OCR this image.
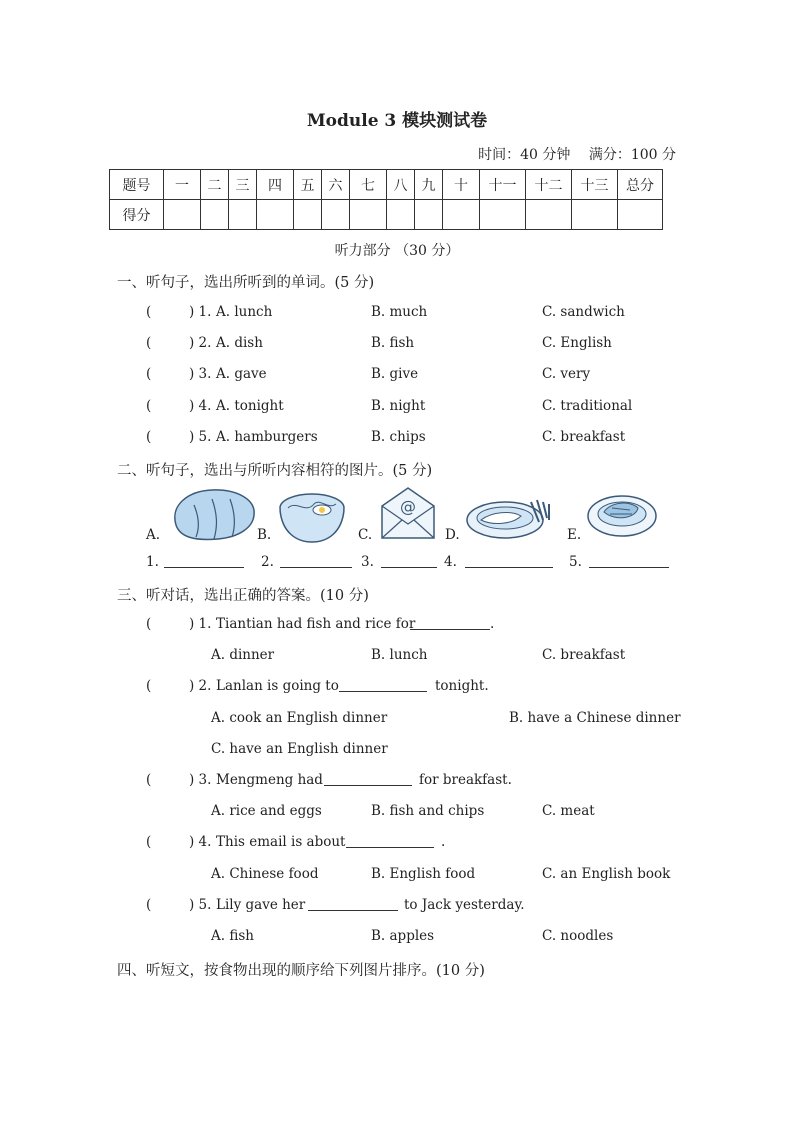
Module 3 模块测试卷
时间：40 分钟 满分：100 分
题号	一	二	三	四	五	六	七	八	九	十	十一	十二	十三	总分
得分														
听力部分 （30 分）
一、听句子，选出所听到的单词。(5 分)
(	) 1. A. lunch	B. much	C. sandwich
(	) 2. A. dish	B. fish	C. English
(	) 3. A. gave	B. give	C. very
(	) 4. A. tonight	B. night	C. traditional
(	) 5. A. hamburgers	B. chips	C. breakfast
二、听句子，选出与所听内容相符的图片。(5 分)
A.	B.	C.
@
D.	E.
1.	2.	3.	4.	5.
三、听对话，选出正确的答案。(10 分)
(	) 1. Tiantian had fish and rice for	.
A. dinner	B. lunch	C. breakfast
(	) 2. Lanlan is going to	tonight.
A. cook an English dinner	B. have a Chinese dinner
C. have an English dinner
(	) 3. Mengmeng had	for breakfast.
A. rice and eggs	B. fish and chips	C. meat
(	) 4. This email is about	.
A. Chinese food	B. English food	C. an English book
(	) 5. Lily gave her	to Jack yesterday.
A. fish	B. apples	C. noodles
四、听短文，按食物出现的顺序给下列图片排序。(10 分)
